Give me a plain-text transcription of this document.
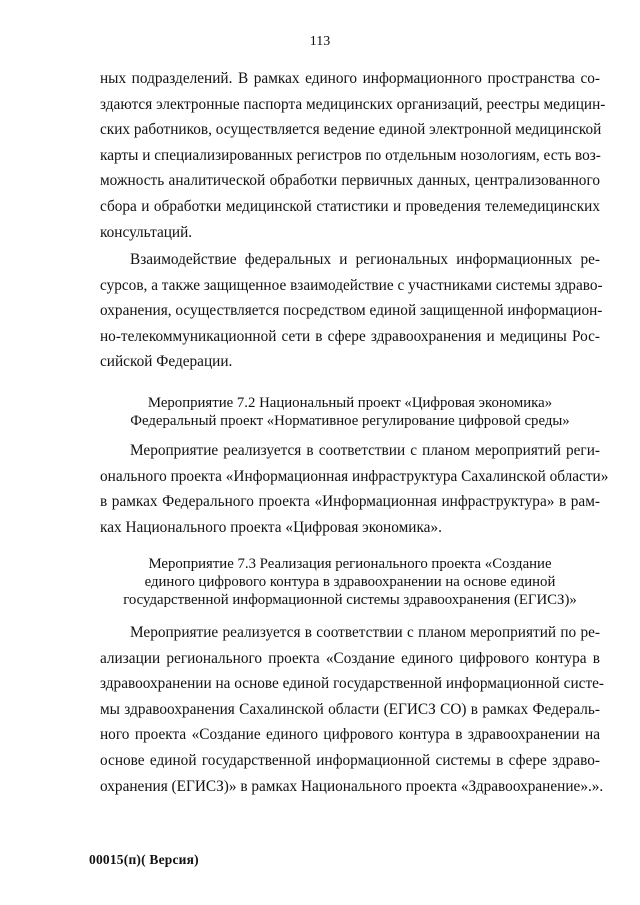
113
ных подразделений. В рамках единого информационного пространства со-
здаются электронные паспорта медицинских организаций, реестры медицин-
ских работников, осуществляется ведение единой электронной медицинской
карты и специализированных регистров по отдельным нозологиям, есть воз-
можность аналитической обработки первичных данных, централизованного
сбора и обработки медицинской статистики и проведения телемедицинских
консультаций.
Взаимодействие федеральных и региональных информационных ре-
сурсов, а также защищенное взаимодействие с участниками системы здраво-
охранения, осуществляется посредством единой защищенной информацион-
но-телекоммуникационной сети в сфере здравоохранения и медицины Рос-
сийской Федерации.
Мероприятие 7.2 Национальный проект «Цифровая экономика»
Федеральный проект «Нормативное регулирование цифровой среды»
Мероприятие реализуется в соответствии с планом мероприятий реги-
онального проекта «Информационная инфраструктура Сахалинской области»
в рамках Федерального проекта «Информационная инфраструктура» в рам-
ках Национального проекта «Цифровая экономика».
Мероприятие 7.3 Реализация регионального проекта «Создание
единого цифрового контура в здравоохранении на основе единой
государственной информационной системы здравоохранения (ЕГИСЗ)»
Мероприятие реализуется в соответствии с планом мероприятий по ре-
ализации регионального проекта «Создание единого цифрового контура в
здравоохранении на основе единой государственной информационной систе-
мы здравоохранения Сахалинской области (ЕГИСЗ СО) в рамках Федераль-
ного проекта «Создание единого цифрового контура в здравоохранении на
основе единой государственной информационной системы в сфере здраво-
охранения (ЕГИСЗ)» в рамках Национального проекта «Здравоохранение».».
00015(п)( Версия)
